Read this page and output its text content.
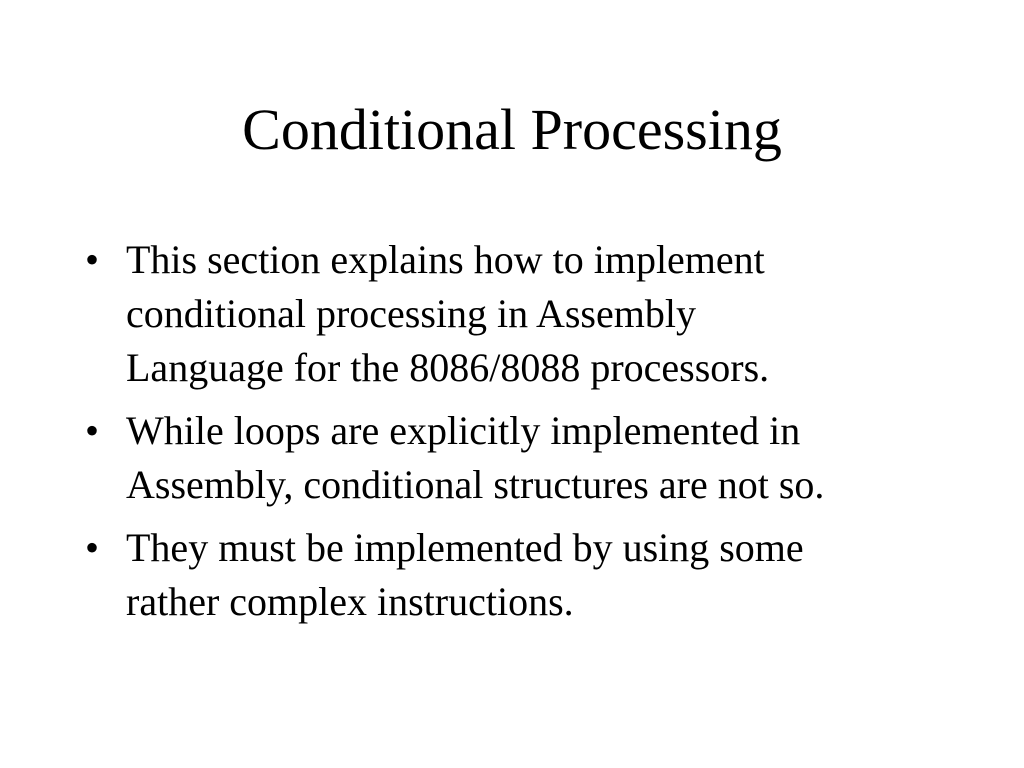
Conditional Processing
• This section explains how to implement
conditional processing in Assembly
Language for the 8086/8088 processors.
• While loops are explicitly implemented in
Assembly, conditional structures are not so.
• They must be implemented by using some
rather complex instructions.
